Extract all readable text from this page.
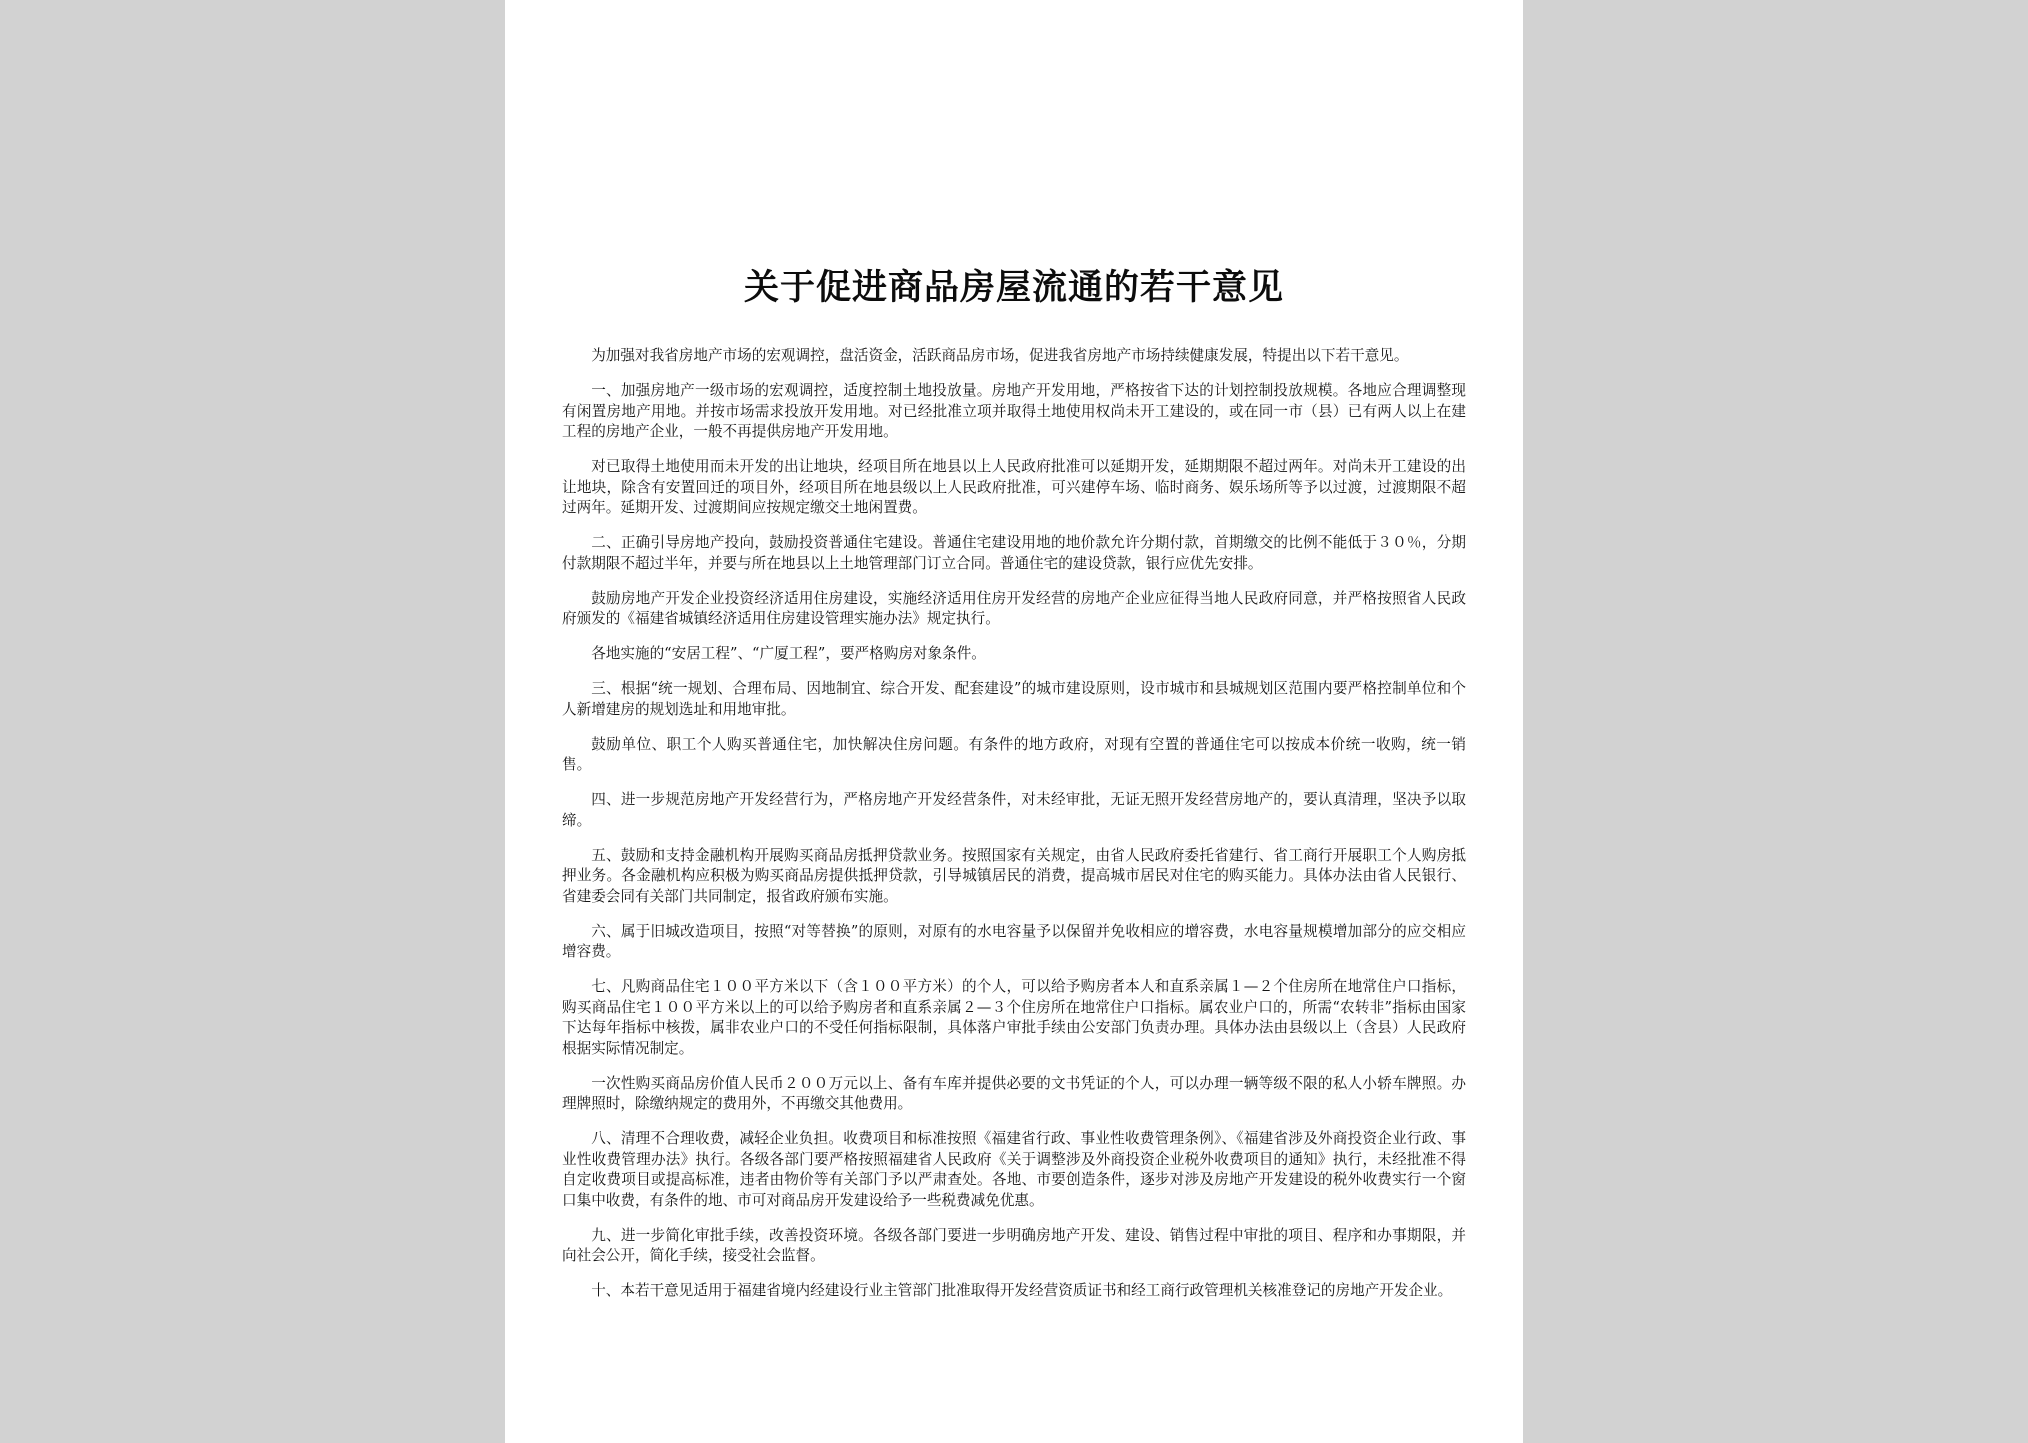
关于促进商品房屋流通的若干意见

为加强对我省房地产市场的宏观调控，盘活资金，活跃商品房市场，促进我省房地产市场持续健康发展，特提出以下若干意见。

一、加强房地产一级市场的宏观调控，适度控制土地投放量。房地产开发用地，严格按省下达的计划控制投放规模。各地应合理调整现有闲置房地产用地。并按市场需求投放开发用地。对已经批准立项并取得土地使用权尚未开工建设的，或在同一市（县）已有两人以上在建工程的房地产企业，一般不再提供房地产开发用地。

对已取得土地使用而未开发的出让地块，经项目所在地县以上人民政府批准可以延期开发，延期期限不超过两年。对尚未开工建设的出让地块，除含有安置回迁的项目外，经项目所在地县级以上人民政府批准，可兴建停车场、临时商务、娱乐场所等予以过渡，过渡期限不超过两年。延期开发、过渡期间应按规定缴交土地闲置费。

二、正确引导房地产投向，鼓励投资普通住宅建设。普通住宅建设用地的地价款允许分期付款，首期缴交的比例不能低于３０％，分期付款期限不超过半年，并要与所在地县以上土地管理部门订立合同。普通住宅的建设贷款，银行应优先安排。

鼓励房地产开发企业投资经济适用住房建设，实施经济适用住房开发经营的房地产企业应征得当地人民政府同意，并严格按照省人民政府颁发的《福建省城镇经济适用住房建设管理实施办法》规定执行。

各地实施的“安居工程”、“广厦工程”，要严格购房对象条件。

三、根据“统一规划、合理布局、因地制宜、综合开发、配套建设”的城市建设原则，设市城市和县城规划区范围内要严格控制单位和个人新增建房的规划选址和用地审批。

鼓励单位、职工个人购买普通住宅，加快解决住房问题。有条件的地方政府，对现有空置的普通住宅可以按成本价统一收购，统一销售。

四、进一步规范房地产开发经营行为，严格房地产开发经营条件，对未经审批，无证无照开发经营房地产的，要认真清理，坚决予以取缔。

五、鼓励和支持金融机构开展购买商品房抵押贷款业务。按照国家有关规定，由省人民政府委托省建行、省工商行开展职工个人购房抵押业务。各金融机构应积极为购买商品房提供抵押贷款，引导城镇居民的消费，提高城市居民对住宅的购买能力。具体办法由省人民银行、省建委会同有关部门共同制定，报省政府颁布实施。

六、属于旧城改造项目，按照“对等替换”的原则，对原有的水电容量予以保留并免收相应的增容费，水电容量规模增加部分的应交相应增容费。

七、凡购商品住宅１００平方米以下（含１００平方米）的个人，可以给予购房者本人和直系亲属１—２个住房所在地常住户口指标，购买商品住宅１００平方米以上的可以给予购房者和直系亲属２—３个住房所在地常住户口指标。属农业户口的，所需“农转非”指标由国家下达每年指标中核拨，属非农业户口的不受任何指标限制，具体落户审批手续由公安部门负责办理。具体办法由县级以上（含县）人民政府根据实际情况制定。

一次性购买商品房价值人民币２００万元以上、备有车库并提供必要的文书凭证的个人，可以办理一辆等级不限的私人小轿车牌照。办理牌照时，除缴纳规定的费用外，不再缴交其他费用。

八、清理不合理收费，减轻企业负担。收费项目和标准按照《福建省行政、事业性收费管理条例》、《福建省涉及外商投资企业行政、事业性收费管理办法》执行。各级各部门要严格按照福建省人民政府《关于调整涉及外商投资企业税外收费项目的通知》执行，未经批准不得自定收费项目或提高标准，违者由物价等有关部门予以严肃查处。各地、市要创造条件，逐步对涉及房地产开发建设的税外收费实行一个窗口集中收费，有条件的地、市可对商品房开发建设给予一些税费减免优惠。

九、进一步简化审批手续，改善投资环境。各级各部门要进一步明确房地产开发、建设、销售过程中审批的项目、程序和办事期限，并向社会公开，简化手续，接受社会监督。

十、本若干意见适用于福建省境内经建设行业主管部门批准取得开发经营资质证书和经工商行政管理机关核准登记的房地产开发企业。
